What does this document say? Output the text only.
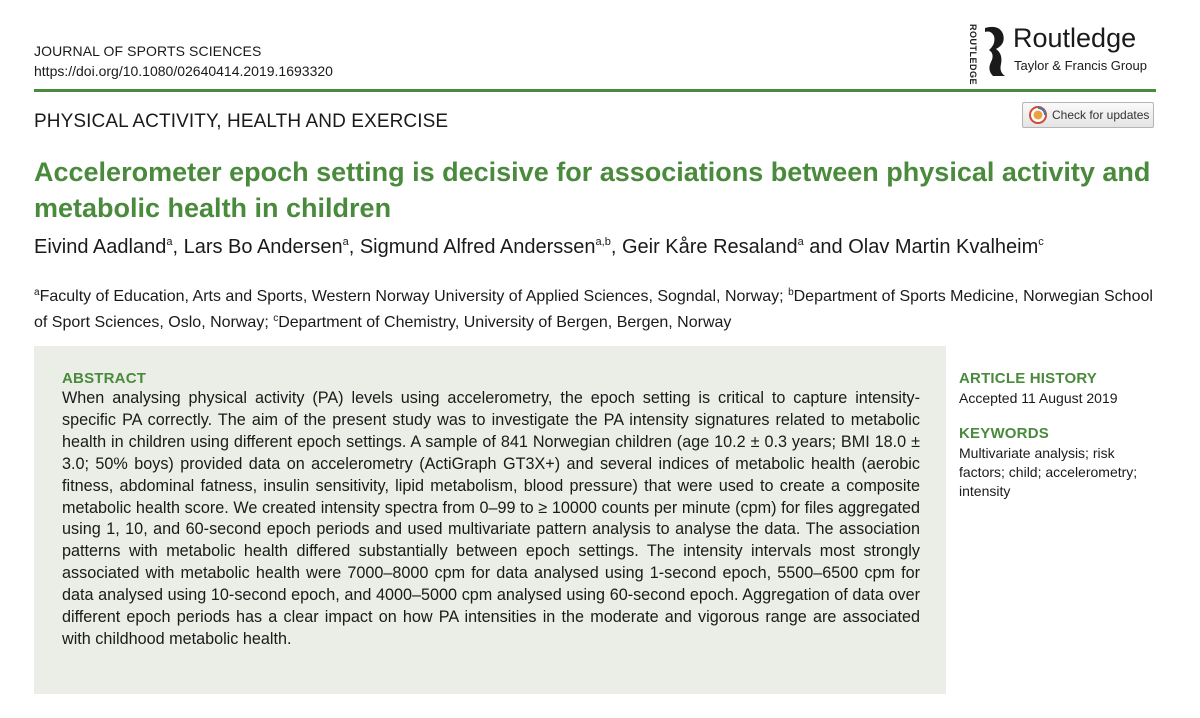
JOURNAL OF SPORTS SCIENCES
https://doi.org/10.1080/02640414.2019.1693320	ROUTLEDGE Routledge
Taylor & Francis Group
PHYSICAL ACTIVITY, HEALTH AND EXERCISE	Check for updates
Accelerometer epoch setting is decisive for associations between physical activity and metabolic health in children
Eivind Aadland$^a$, Lars Bo Andersen$^a$, Sigmund Alfred Anderssen$^{a,b}$, Geir Kåre Resaland$^a$ and Olav Martin Kvalheim$^c$
$^a$Faculty of Education, Arts and Sports, Western Norway University of Applied Sciences, Sogndal, Norway; $^b$Department of Sports Medicine, Norwegian School of Sport Sciences, Oslo, Norway; $^c$Department of Chemistry, University of Bergen, Bergen, Norway
ABSTRACT
When analysing physical activity (PA) levels using accelerometry, the epoch setting is critical to capture intensity-specific PA correctly. The aim of the present study was to investigate the PA intensity signatures related to metabolic health in children using different epoch settings. A sample of 841 Norwegian children (age 10.2 ± 0.3 years; BMI 18.0 ± 3.0; 50% boys) provided data on accelerometry (ActiGraph GT3X+) and several indices of metabolic health (aerobic fitness, abdominal fatness, insulin sensitivity, lipid metabolism, blood pressure) that were used to create a composite metabolic health score. We created intensity spectra from 0–99 to ≥ 10000 counts per minute (cpm) for files aggregated using 1, 10, and 60-second epoch periods and used multivariate pattern analysis to analyse the data. The association patterns with metabolic health differed substantially between epoch settings. The intensity intervals most strongly associated with metabolic health were 7000–8000 cpm for data analysed using 1-second epoch, 5500–6500 cpm for data analysed using 10-second epoch, and 4000–5000 cpm analysed using 60-second epoch. Aggregation of data over different epoch periods has a clear impact on how PA intensities in the moderate and vigorous range are associated with childhood metabolic health.
ARTICLE HISTORY
Accepted 11 August 2019
KEYWORDS
Multivariate analysis; risk factors; child; accelerometry; intensity
